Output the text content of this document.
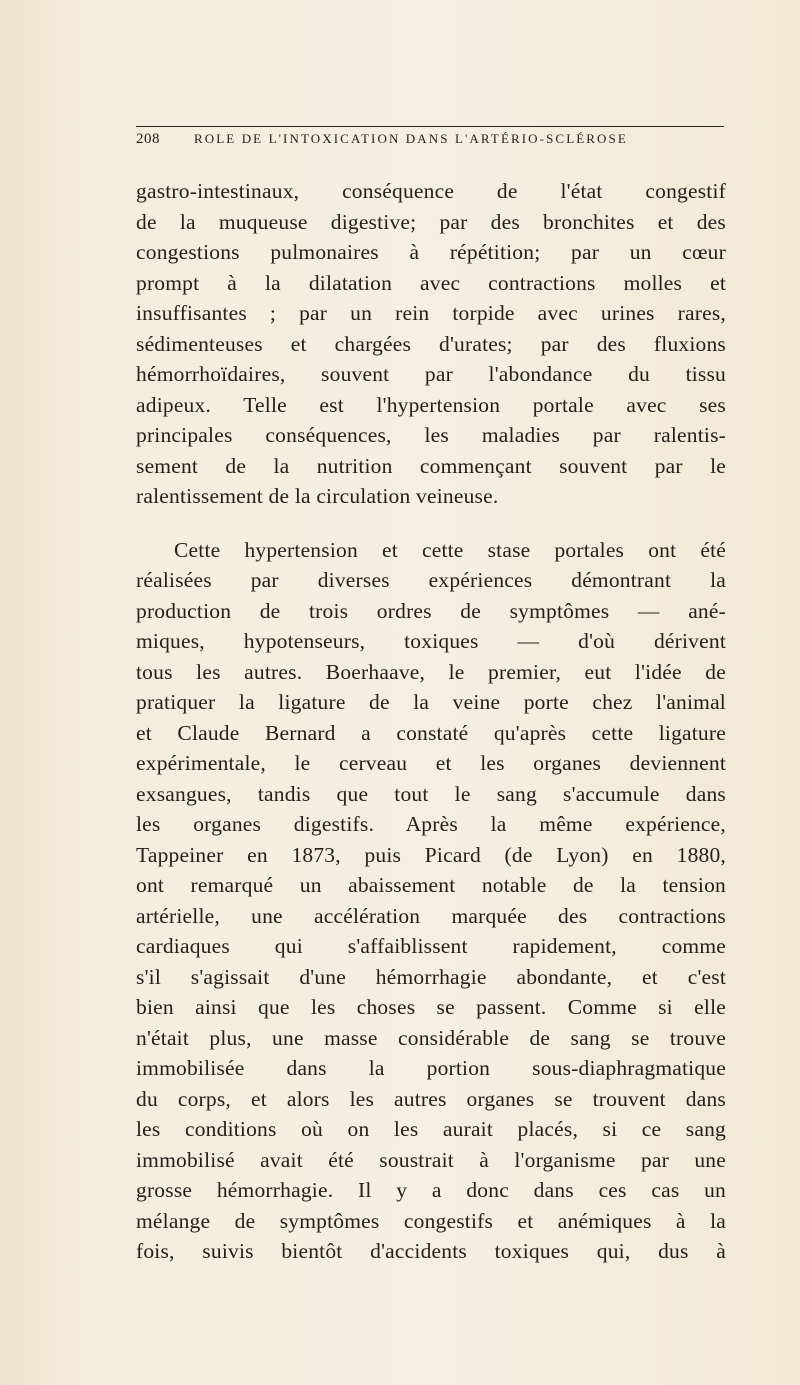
208	ROLE DE L'INTOXICATION DANS L'ARTÉRIO-SCLÉROSE
gastro-intestinaux, conséquence de l'état congestif
de la muqueuse digestive; par des bronchites et des
congestions pulmonaires à répétition; par un cœur
prompt à la dilatation avec contractions molles et
insuffisantes ; par un rein torpide avec urines rares,
sédimenteuses et chargées d'urates; par des fluxions
hémorrhoïdaires, souvent par l'abondance du tissu
adipeux. Telle est l'hypertension portale avec ses
principales conséquences, les maladies par ralentis-
sement de la nutrition commençant souvent par le
ralentissement de la circulation veineuse.
Cette hypertension et cette stase portales ont été
réalisées par diverses expériences démontrant la
production de trois ordres de symptômes — ané-
miques, hypotenseurs, toxiques — d'où dérivent
tous les autres. Boerhaave, le premier, eut l'idée de
pratiquer la ligature de la veine porte chez l'animal
et Claude Bernard a constaté qu'après cette ligature
expérimentale, le cerveau et les organes deviennent
exsangues, tandis que tout le sang s'accumule dans
les organes digestifs. Après la même expérience,
Tappeiner en 1873, puis Picard (de Lyon) en 1880,
ont remarqué un abaissement notable de la tension
artérielle, une accélération marquée des contractions
cardiaques qui s'affaiblissent rapidement, comme
s'il s'agissait d'une hémorrhagie abondante, et c'est
bien ainsi que les choses se passent. Comme si elle
n'était plus, une masse considérable de sang se trouve
immobilisée dans la portion sous-diaphragmatique
du corps, et alors les autres organes se trouvent dans
les conditions où on les aurait placés, si ce sang
immobilisé avait été soustrait à l'organisme par une
grosse hémorrhagie. Il y a donc dans ces cas un
mélange de symptômes congestifs et anémiques à la
fois, suivis bientôt d'accidents toxiques qui, dus à
